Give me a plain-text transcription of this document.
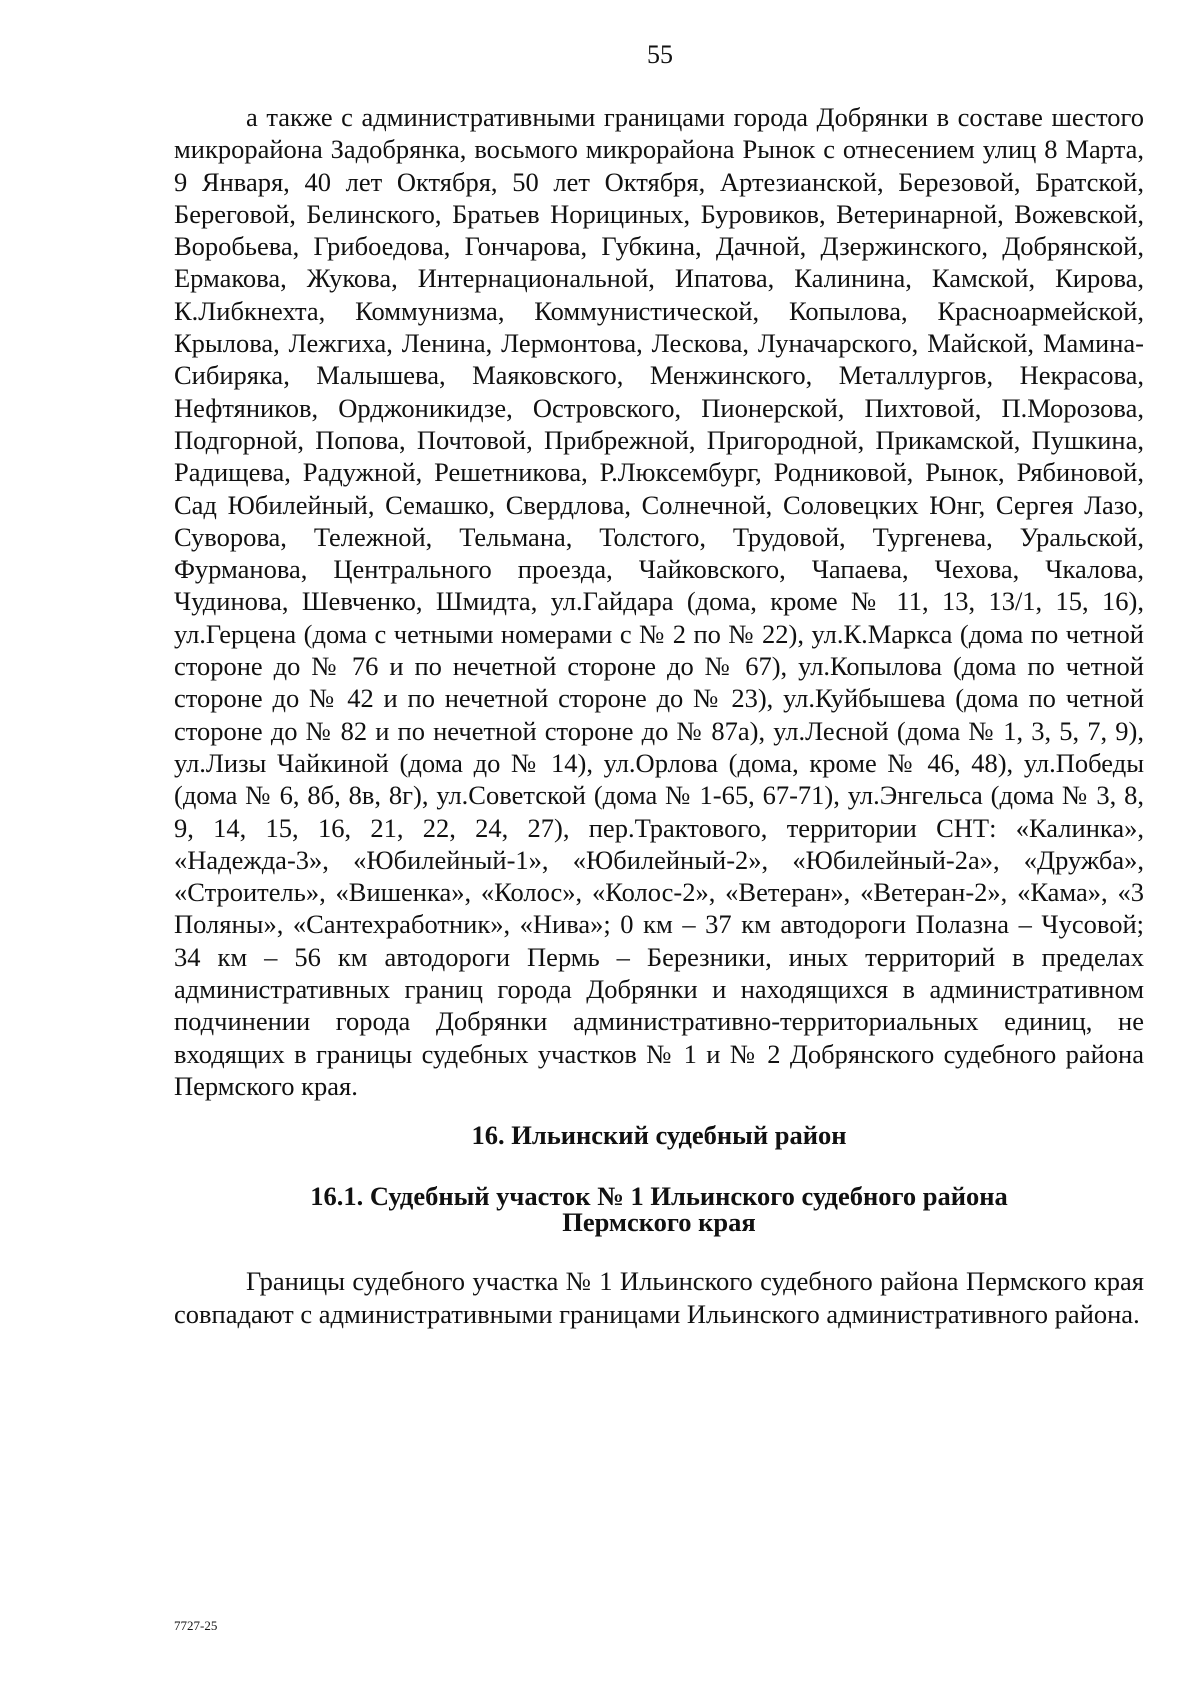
55

а также с административными границами города Добрянки в составе шестого микрорайона Задобрянка, восьмого микрорайона Рынок с отнесением улиц 8 Марта, 9 Января, 40 лет Октября, 50 лет Октября, Артезианской, Березовой, Братской, Береговой, Белинского, Братьев Норициных, Буровиков, Ветеринарной, Вожевской, Воробьева, Грибоедова, Гончарова, Губкина, Дачной, Дзержинского, Добрянской, Ермакова, Жукова, Интернациональной, Ипатова, Калинина, Камской, Кирова, К.Либкнехта, Коммунизма, Коммунистической, Копылова, Красноармейской, Крылова, Лежгиха, Ленина, Лермонтова, Лескова, Луначарского, Майской, Мамина-Сибиряка, Малышева, Маяковского, Менжинского, Металлургов, Некрасова, Нефтяников, Орджоникидзе, Островского, Пионерской, Пихтовой, П.Морозова, Подгорной, Попова, Почтовой, Прибрежной, Пригородной, Прикамской, Пушкина, Радищева, Радужной, Решетникова, Р.Люксембург, Родниковой, Рынок, Рябиновой, Сад Юбилейный, Семашко, Свердлова, Солнечной, Соловецких Юнг, Сергея Лазо, Суворова, Тележной, Тельмана, Толстого, Трудовой, Тургенева, Уральской, Фурманова, Центрального проезда, Чайковского, Чапаева, Чехова, Чкалова, Чудинова, Шевченко, Шмидта, ул.Гайдара (дома, кроме № 11, 13, 13/1, 15, 16), ул.Герцена (дома с четными номерами с № 2 по № 22), ул.К.Маркса (дома по четной стороне до № 76 и по нечетной стороне до № 67), ул.Копылова (дома по четной стороне до № 42 и по нечетной стороне до № 23), ул.Куйбышева (дома по четной стороне до № 82 и по нечетной стороне до № 87а), ул.Лесной (дома № 1, 3, 5, 7, 9), ул.Лизы Чайкиной (дома до № 14), ул.Орлова (дома, кроме № 46, 48), ул.Победы (дома № 6, 8б, 8в, 8г), ул.Советской (дома № 1-65, 67-71), ул.Энгельса (дома № 3, 8, 9, 14, 15, 16, 21, 22, 24, 27), пер.Трактового, территории СНТ: «Калинка», «Надежда-3», «Юбилейный-1», «Юбилейный-2», «Юбилейный-2а», «Дружба», «Строитель», «Вишенка», «Колос», «Колос-2», «Ветеран», «Ветеран-2», «Кама», «3 Поляны», «Сантехработник», «Нива»; 0 км – 37 км автодороги Полазна – Чусовой; 34 км – 56 км автодороги Пермь – Березники, иных территорий в пределах административных границ города Добрянки и находящихся в административном подчинении города Добрянки административно-территориальных единиц, не входящих в границы судебных участков № 1 и № 2 Добрянского судебного района Пермского края.

16. Ильинский судебный район

16.1. Судебный участок № 1 Ильинского судебного района
Пермского края

Границы судебного участка № 1 Ильинского судебного района Пермского края совпадают с административными границами Ильинского административного района.

7727-25
